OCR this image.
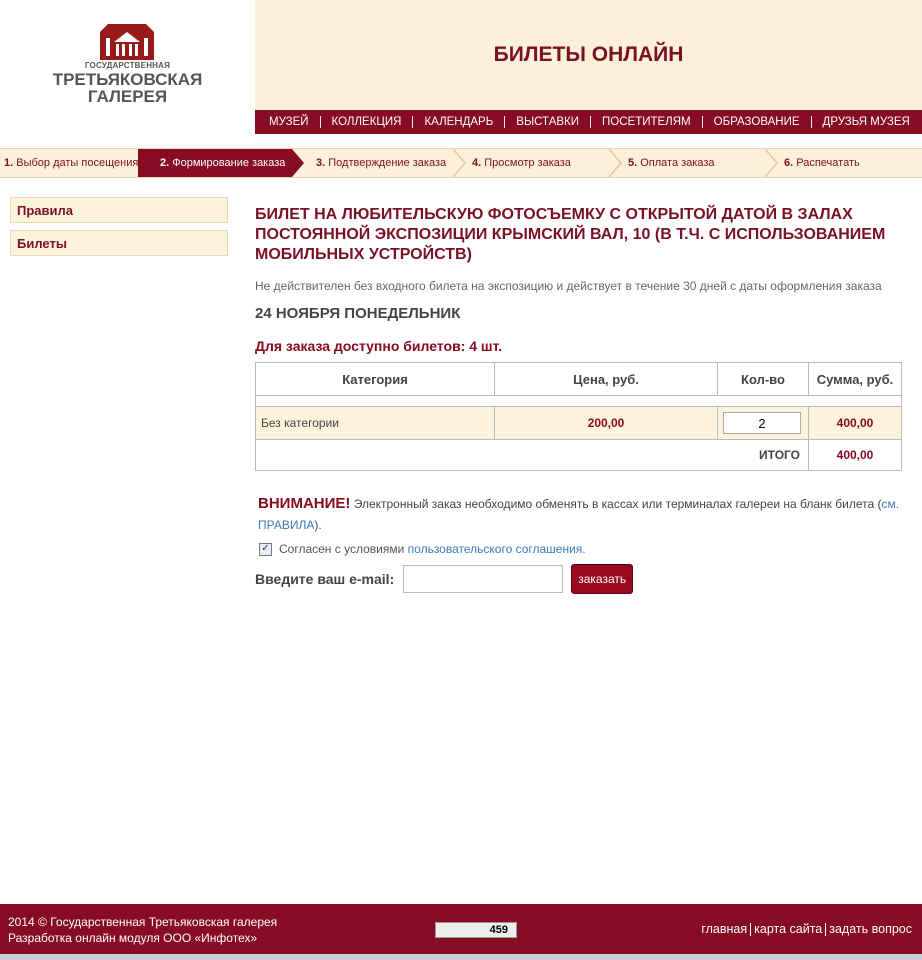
ГОСУДАРСТВЕННАЯ
ТРЕТЬЯКОВСКАЯ
ГАЛЕРЕЯ
БИЛЕТЫ ОНЛАЙН
МУЗЕЙ	КОЛЛЕКЦИЯ	КАЛЕНДАРЬ	ВЫСТАВКИ	ПОСЕТИТЕЛЯМ	ОБРАЗОВАНИЕ	ДРУЗЬЯ МУЗЕЯ
1. Выбор даты посещения	2. Формирование заказа	3. Подтверждение заказа 4. Просмотр заказа	5. Оплата заказа	6. Распечатать
Правила
Билеты
БИЛЕТ НА ЛЮБИТЕЛЬСКУЮ ФОТОСЪЕМКУ С ОТКРЫТОЙ ДАТОЙ В ЗАЛАХ ПОСТОЯННОЙ ЭКСПОЗИЦИИ КРЫМСКИЙ ВАЛ, 10 (В Т.Ч. С ИСПОЛЬЗОВАНИЕМ МОБИЛЬНЫХ УСТРОЙСТВ)
Не действителен без входного билета на экспозицию и действует в течение 30 дней с даты оформления заказа
24 НОЯБРЯ ПОНЕДЕЛЬНИК
Для заказа доступно билетов: 4 шт.
Категория	Цена, руб.	Кол-во	Сумма, руб.

Без категории	200,00	2	400,00
ИТОГО			400,00
ВНИМАНИЕ! Электронный заказ необходимо обменять в кассах или терминалах галереи на бланк билета (см. ПРАВИЛА).
✓ Согласен с условиями
пользовательского соглашения.
Введите ваш e-mail:	заказать
2014 © Государственная Третьяковская галерея
Разработка онлайн модуля ООО «Инфотех»
459	главная карта сайта задать вопрос
